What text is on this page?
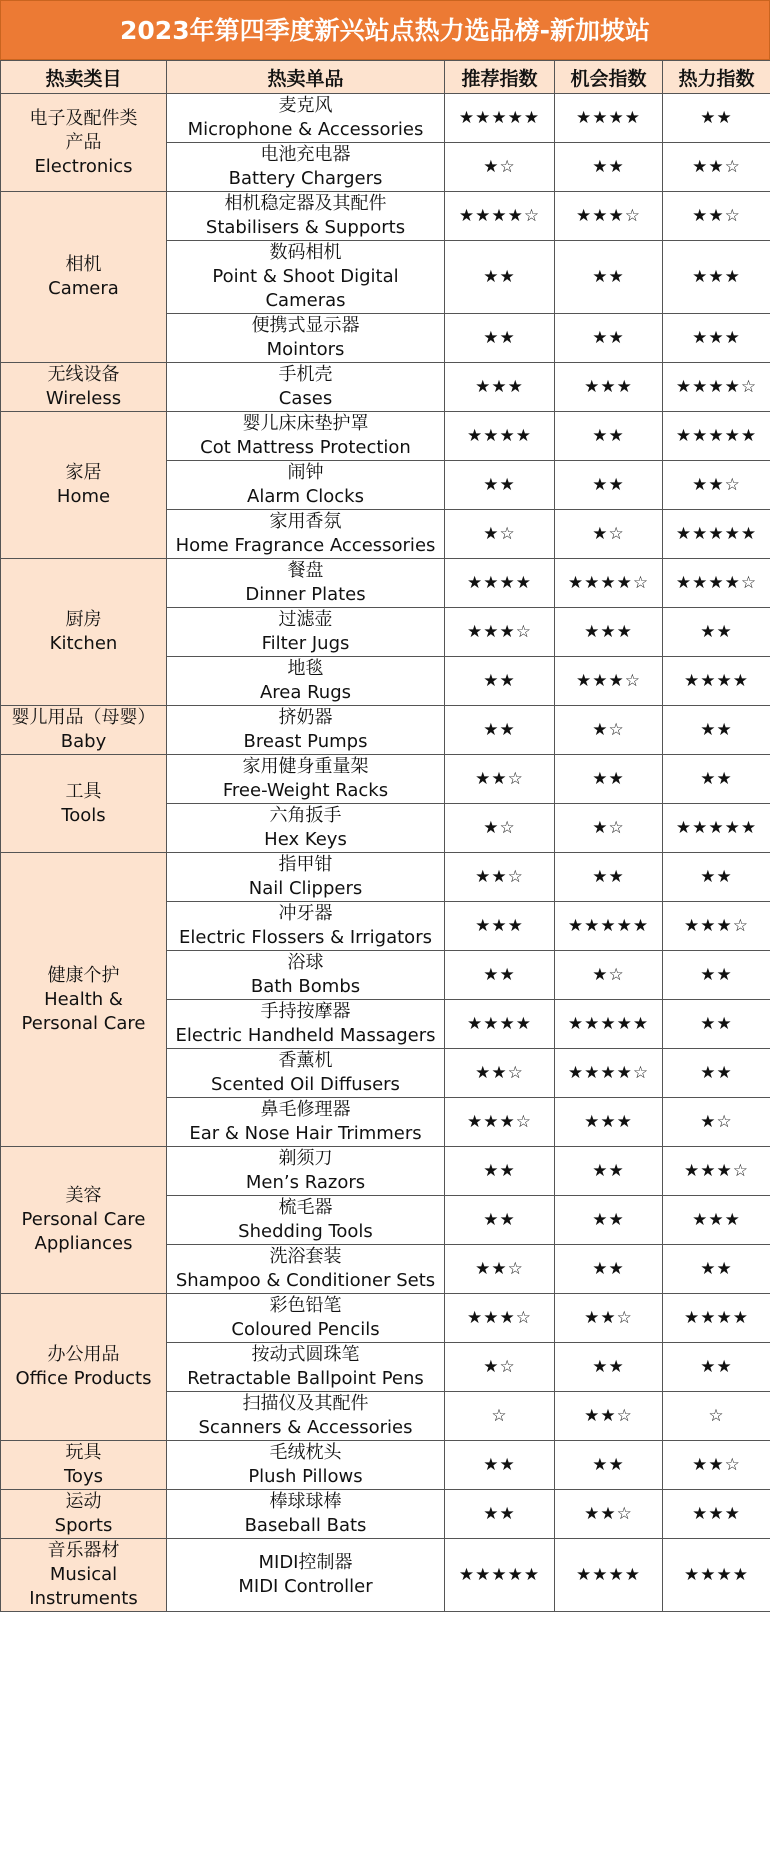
2023年第四季度新兴站点热力选品榜-新加坡站
热卖类目	热卖单品	推荐指数	机会指数	热力指数

电子及配件类
产品
Electronics	麦克风
Microphone & Accessories	★★★★★	★★★★	★★

	电池充电器
Battery Chargers	★☆	★★	★★☆

相机
Camera	相机稳定器及其配件
Stabilisers & Supports	★★★★☆	★★★☆	★★☆

	数码相机
Point & Shoot Digital
Cameras	★★	★★	★★★

	便携式显示器
Mointors	★★	★★	★★★

无线设备
Wireless	手机壳
Cases	★★★	★★★	★★★★☆

家居
Home	婴儿床床垫护罩
Cot Mattress Protection	★★★★	★★	★★★★★

	闹钟
Alarm Clocks	★★	★★	★★☆

	家用香氛
Home Fragrance Accessories	★☆	★☆	★★★★★

厨房
Kitchen	餐盘
Dinner Plates	★★★★	★★★★☆	★★★★☆

	过滤壶
Filter Jugs	★★★☆	★★★	★★

	地毯
Area Rugs	★★	★★★☆	★★★★

婴儿用品（母婴）
Baby	挤奶器
Breast Pumps	★★	★☆	★★

工具
Tools	家用健身重量架
Free-Weight Racks	★★☆	★★	★★

	六角扳手
Hex Keys	★☆	★☆	★★★★★

健康个护
Health &
Personal Care	指甲钳
Nail Clippers	★★☆	★★	★★

	冲牙器
Electric Flossers & Irrigators	★★★	★★★★★	★★★☆

	浴球
Bath Bombs	★★	★☆	★★

	手持按摩器
Electric Handheld Massagers	★★★★	★★★★★	★★

	香薰机
Scented Oil Diffusers	★★☆	★★★★☆	★★

	鼻毛修理器
Ear & Nose Hair Trimmers	★★★☆	★★★	★☆

美容
Personal Care
Appliances	剃须刀
Men’s Razors	★★	★★	★★★☆

	梳毛器
Shedding Tools	★★	★★	★★★

	洗浴套装
Shampoo & Conditioner Sets	★★☆	★★	★★

办公用品
Office Products	彩色铅笔
Coloured Pencils	★★★☆	★★☆	★★★★

	按动式圆珠笔
Retractable Ballpoint Pens	★☆	★★	★★

	扫描仪及其配件
Scanners & Accessories	☆	★★☆	☆

玩具
Toys	毛绒枕头
Plush Pillows	★★	★★	★★☆

运动
Sports	棒球球棒
Baseball Bats	★★	★★☆	★★★

音乐器材
Musical
Instruments	MIDI控制器
MIDI Controller	★★★★★	★★★★	★★★★
